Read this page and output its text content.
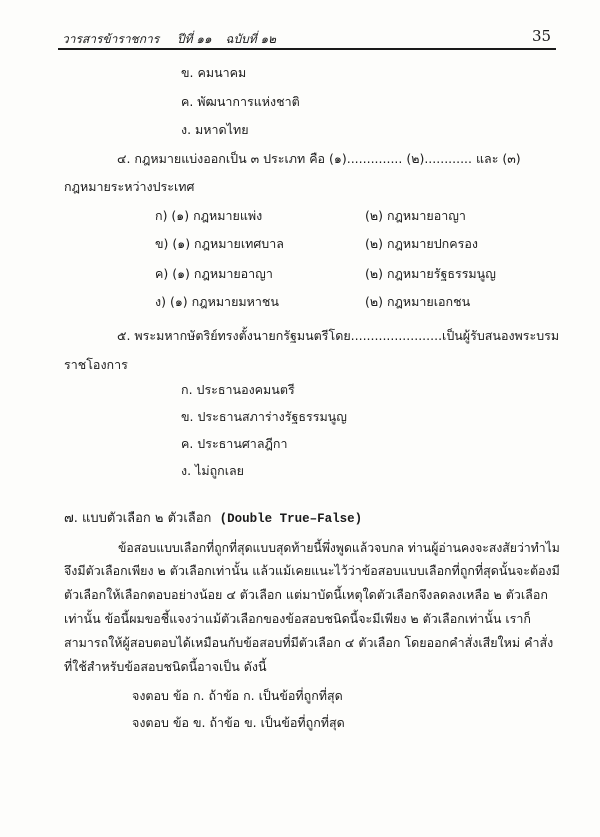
วารสารข้าราชการ ปีที่ ๑๑ ฉบับที่ ๑๒	35
ข. คมนาคม
ค. พัฒนาการแห่งชาติ
ง. มหาดไทย
๔. กฎหมายแบ่งออกเป็น ๓ ประเภท คือ (๑).............. (๒)............ และ (๓)
กฎหมายระหว่างประเทศ
ก) (๑) กฎหมายแพ่ง	(๒) กฎหมายอาญา
ข) (๑) กฎหมายเทศบาล	(๒) กฎหมายปกครอง
ค) (๑) กฎหมายอาญา	(๒) กฎหมายรัฐธรรมนูญ
ง) (๑) กฎหมายมหาชน	(๒) กฎหมายเอกชน
๕. พระมหากษัตริย์ทรงตั้งนายกรัฐมนตรีโดย.......................เป็นผู้รับสนองพระบรม
ราชโองการ
ก. ประธานองคมนตรี
ข. ประธานสภาร่างรัฐธรรมนูญ
ค. ประธานศาลฎีกา
ง. ไม่ถูกเลย
๗. แบบตัวเลือก ๒ ตัวเลือก (Double True–False)
ข้อสอบแบบเลือกที่ถูกที่สุดแบบสุดท้ายนี้พึ่งพูดแล้วจบกล ท่านผู้อ่านคงจะสงสัยว่าทำไม
จึงมีตัวเลือกเพียง ๒ ตัวเลือกเท่านั้น แล้วแม้เคยแนะไว้ว่าข้อสอบแบบเลือกที่ถูกที่สุดนั้นจะต้องมี
ตัวเลือกให้เลือกตอบอย่างน้อย ๔ ตัวเลือก แต่มาบัดนี้เหตุใดตัวเลือกจึงลดลงเหลือ ๒ ตัวเลือก
เท่านั้น ข้อนี้ผมขอชี้แจงว่าแม้ตัวเลือกของข้อสอบชนิดนี้จะมีเพียง ๒ ตัวเลือกเท่านั้น เราก็
สามารถให้ผู้สอบตอบได้เหมือนกับข้อสอบที่มีตัวเลือก ๔ ตัวเลือก โดยออกคำสั่งเสียใหม่ คำสั่ง
ที่ใช้สำหรับข้อสอบชนิดนี้อาจเป็น ดังนี้
จงตอบ ข้อ ก. ถ้าข้อ ก. เป็นข้อที่ถูกที่สุด
จงตอบ ข้อ ข. ถ้าข้อ ข. เป็นข้อที่ถูกที่สุด
